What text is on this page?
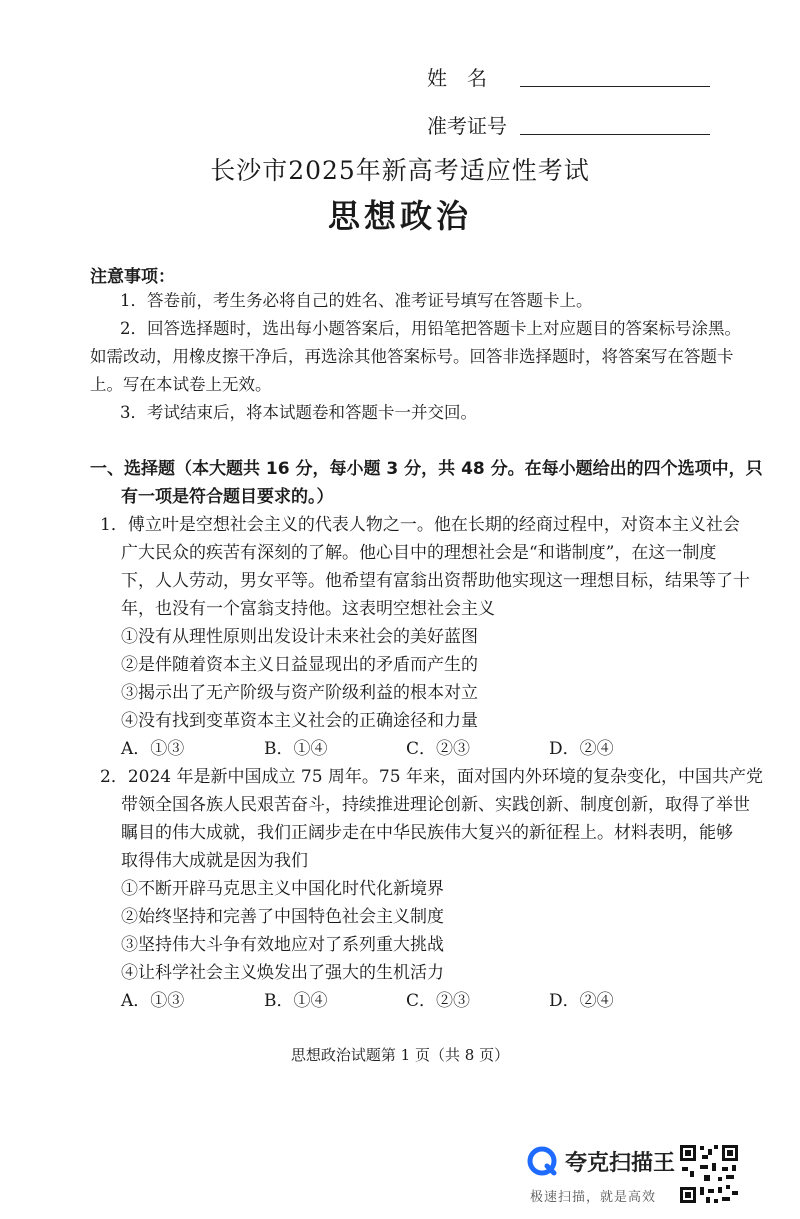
姓　名
准考证号
长沙市2025年新高考适应性考试
思想政治
注意事项：
1．答卷前，考生务必将自己的姓名、准考证号填写在答题卡上。
2．回答选择题时，选出每小题答案后，用铅笔把答题卡上对应题目的答案标号涂黑。
如需改动，用橡皮擦干净后，再选涂其他答案标号。回答非选择题时，将答案写在答题卡
上。写在本试卷上无效。
3．考试结束后，将本试题卷和答题卡一并交回。
一、选择题（本大题共 16 分，每小题 3 分，共 48 分。在每小题给出的四个选项中，只
有一项是符合题目要求的。）
1．傅立叶是空想社会主义的代表人物之一。他在长期的经商过程中，对资本主义社会
广大民众的疾苦有深刻的了解。他心目中的理想社会是“和谐制度”，在这一制度
下，人人劳动，男女平等。他希望有富翁出资帮助他实现这一理想目标，结果等了十
年，也没有一个富翁支持他。这表明空想社会主义
①没有从理性原则出发设计未来社会的美好蓝图
②是伴随着资本主义日益显现出的矛盾而产生的
③揭示出了无产阶级与资产阶级利益的根本对立
④没有找到变革资本主义社会的正确途径和力量
A．①③	B．①④	C．②③	D．②④
2．2024 年是新中国成立 75 周年。75 年来，面对国内外环境的复杂变化，中国共产党
带领全国各族人民艰苦奋斗，持续推进理论创新、实践创新、制度创新，取得了举世
瞩目的伟大成就，我们正阔步走在中华民族伟大复兴的新征程上。材料表明，能够
取得伟大成就是因为我们
①不断开辟马克思主义中国化时代化新境界
②始终坚持和完善了中国特色社会主义制度
③坚持伟大斗争有效地应对了系列重大挑战
④让科学社会主义焕发出了强大的生机活力
A．①③	B．①④	C．②③	D．②④
思想政治试题第 1 页（共 8 页）
夸克扫描王
极速扫描，就是高效
